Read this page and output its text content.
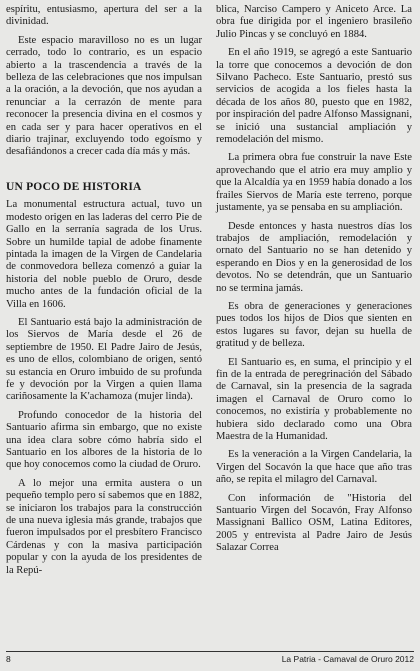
espíritu, entusiasmo, apertura del ser a la divinidad.

Este espacio maravilloso no es un lugar cerrado, todo lo contrario, es un espacio abierto a la trascendencia a través de la belleza de las celebraciones que nos impulsan a la oración, a la devoción, que nos ayudan a renunciar a la cerrazón de mente para reconocer la presencia divina en el cosmos y en cada ser y para hacer operativos en el diario trajinar, excluyendo todo egoísmo y desafiándonos a crecer cada día más y más.

UN POCO DE HISTORIA

La monumental estructura actual, tuvo un modesto origen en las laderas del cerro Pie de Gallo en la serranía sagrada de los Urus. Sobre un humilde tapial de adobe finamente pintada la imagen de la Virgen de Candelaria de conmovedora belleza comenzó a guiar la historia del noble pueblo de Oruro, desde mucho antes de la fundación oficial de la Villa en 1606.

El Santuario está bajo la administración de los Siervos de María desde el 26 de septiembre de 1950. El Padre Jairo de Jesús, es uno de ellos, colombiano de origen, sentó su estancia en Oruro imbuido de su profunda fe y devoción por la Virgen a quien llama cariñosamente la K'achamoza (mujer linda).

Profundo conocedor de la historia del Santuario afirma sin embargo, que no existe una idea clara sobre cómo habría sido el Santuario en los albores de la historia de lo que hoy conocemos como la ciudad de Oruro.

A lo mejor una ermita austera o un pequeño templo pero sí sabemos que en 1882, se iniciaron los trabajos para la construcción de una nueva iglesia más grande, trabajos que fueron impulsados por el presbítero Francisco Cárdenas y con la masiva participación popular y con la ayuda de los presidentes de la Repú-

blica, Narciso Campero y Aniceto Arce. La obra fue dirigida por el ingeniero brasileño Julio Pincas y se concluyó en 1884.

En el año 1919, se agregó a este Santuario la torre que conocemos a devoción de don Silvano Pacheco. Este Santuario, prestó sus servicios de acogida a los fieles hasta la década de los años 80, puesto que en 1982, por inspiración del padre Alfonso Massignani, se inició una sustancial ampliación y remodelación del mismo.

La primera obra fue construir la nave Este aprovechando que el atrio era muy amplio y que la Alcaldía ya en 1959 había donado a los frailes Siervos de María este terreno, porque justamente, ya se pensaba en su ampliación.

Desde entonces y hasta nuestros días los trabajos de ampliación, remodelación y ornato del Santuario no se han detenido y esperando en Dios y en la generosidad de los devotos. No se detendrán, que un Santuario no se termina jamás.

Es obra de generaciones y generaciones pues todos los hijos de Dios que sienten en estos lugares su favor, dejan su huella de gratitud y de belleza.

El Santuario es, en suma, el principio y el fin de la entrada de peregrinación del Sábado de Carnaval, sin la presencia de la sagrada imagen el Carnaval de Oruro como lo conocemos, no existiría y probablemente no hubiera sido declarado como una Obra Maestra de la Humanidad.

Es la veneración a la Virgen Candelaria, la Virgen del Socavón la que hace que año tras año, se repita el milagro del Carnaval.

Con información de "Historia del Santuario Virgen del Socavón, Fray Alfonso Massignani Ballico OSM, Latina Editores, 2005 y entrevista al Padre Jairo de Jesús Salazar Correa

8	La Patria - Camaval de Oruro 2012
